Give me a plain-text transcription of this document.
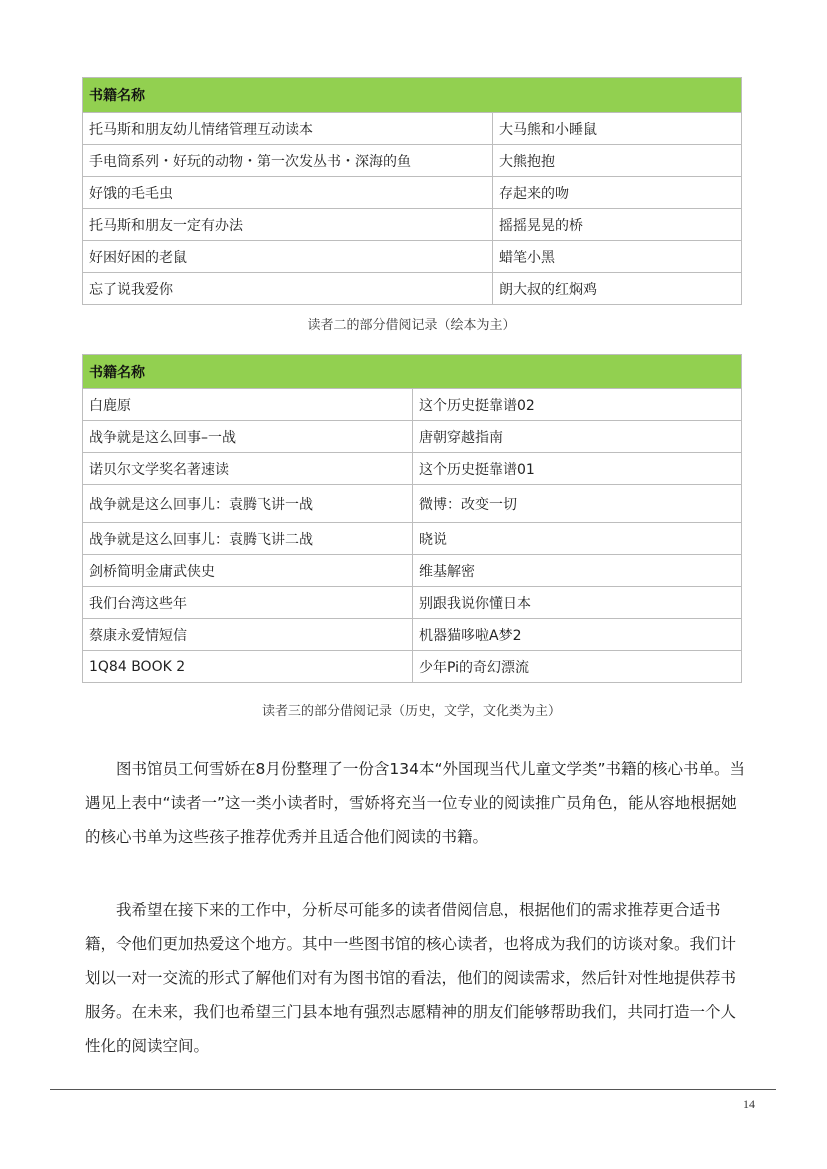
书籍名称	
托马斯和朋友幼儿情绪管理互动读本	大马熊和小睡鼠
手电筒系列・好玩的动物・第一次发丛书・深海的鱼	大熊抱抱
好饿的毛毛虫	存起来的吻
托马斯和朋友一定有办法	摇摇晃晃的桥
好困好困的老鼠	蜡笔小黑
忘了说我爱你	朗大叔的红焖鸡
读者二的部分借阅记录（绘本为主）
书籍名称	
白鹿原	这个历史挺靠谱02
战争就是这么回事–一战	唐朝穿越指南
诺贝尔文学奖名著速读	这个历史挺靠谱01
战争就是这么回事儿：袁腾飞讲一战	微博：改变一切
战争就是这么回事儿：袁腾飞讲二战	晓说
剑桥简明金庸武侠史	维基解密
我们台湾这些年	别跟我说你懂日本
蔡康永爱情短信	机器猫哆啦A梦2
1Q84 BOOK 2	少年Pi的奇幻漂流
读者三的部分借阅记录（历史，文学，文化类为主）

图书馆员工何雪娇在8月份整理了一份含134本“外国现当代儿童文学类”书籍的核心书单。当遇见上表中“读者一”这一类小读者时，雪娇将充当一位专业的阅读推广员角色，能从容地根据她的核心书单为这些孩子推荐优秀并且适合他们阅读的书籍。

我希望在接下来的工作中，分析尽可能多的读者借阅信息，根据他们的需求推荐更合适书籍，令他们更加热爱这个地方。其中一些图书馆的核心读者，也将成为我们的访谈对象。我们计划以一对一交流的形式了解他们对有为图书馆的看法，他们的阅读需求，然后针对性地提供荐书服务。在未来，我们也希望三门县本地有强烈志愿精神的朋友们能够帮助我们，共同打造一个人性化的阅读空间。

14
